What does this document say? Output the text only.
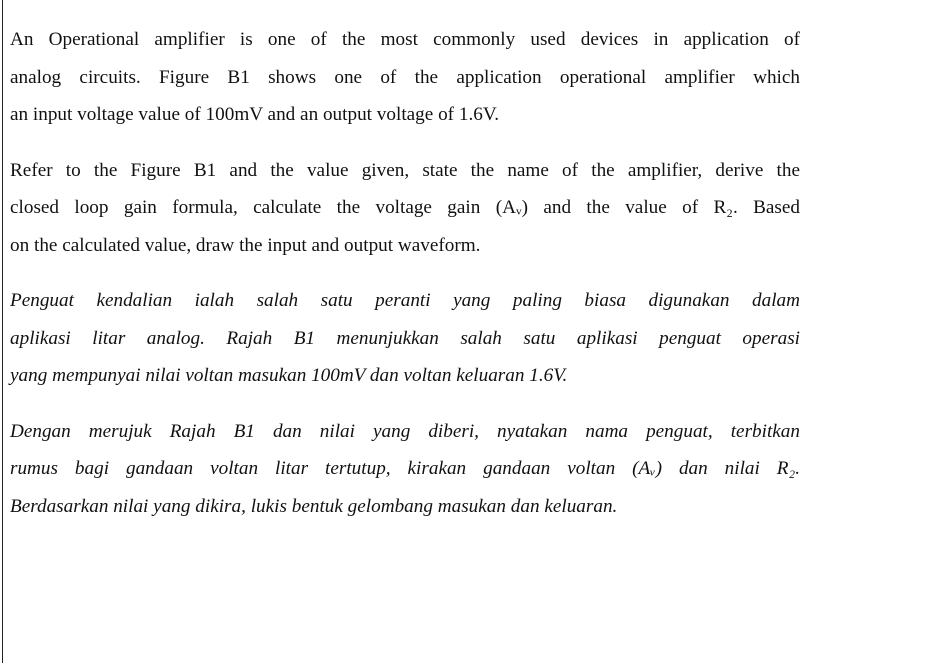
An Operational amplifier is one of the most commonly used devices in application of
analog circuits. Figure B1 shows one of the application operational amplifier which
an input voltage value of 100mV and an output voltage of 1.6V.
Refer to the Figure B1 and the value given, state the name of the amplifier, derive the
closed loop gain formula, calculate the voltage gain (Aᵥ) and the value of R₂. Based
on the calculated value, draw the input and output waveform.
Penguat kendalian ialah salah satu peranti yang paling biasa digunakan dalam
aplikasi litar analog. Rajah B1 menunjukkan salah satu aplikasi penguat operasi
yang mempunyai nilai voltan masukan 100mV dan voltan keluaran 1.6V.
Dengan merujuk Rajah B1 dan nilai yang diberi, nyatakan nama penguat, terbitkan
rumus bagi gandaan voltan litar tertutup, kirakan gandaan voltan (Aᵥ) dan nilai R₂.
Berdasarkan nilai yang dikira, lukis bentuk gelombang masukan dan keluaran.
